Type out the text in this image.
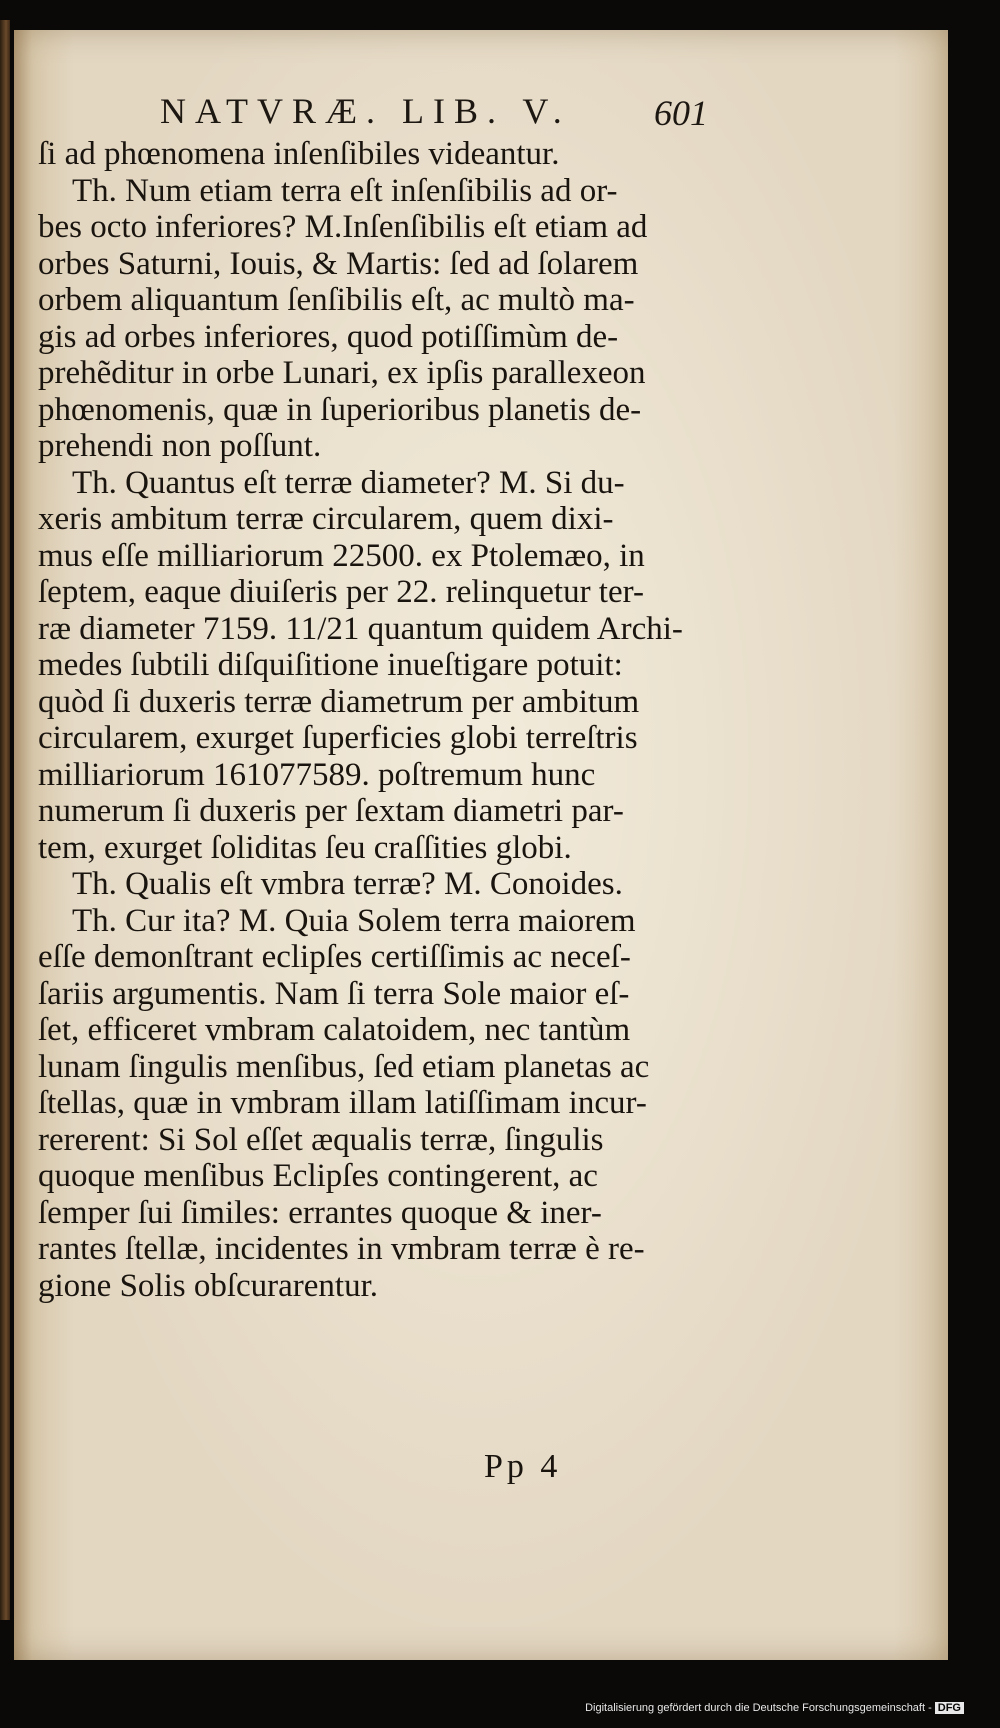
NATVRÆ. LIB. V.	601
ſi ad phœnomena inſenſibiles videantur.
Th. Num etiam terra eſt inſenſibilis ad or-
bes octo inferiores? M.Inſenſibilis eſt etiam ad
orbes Saturni, Iouis, & Martis: ſed ad ſolarem
orbem aliquantum ſenſibilis eſt, ac multò ma-
gis ad orbes inferiores, quod potiſſimùm de-
prehẽditur in orbe Lunari, ex ipſis parallexeon
phœnomenis, quæ in ſuperioribus planetis de-
prehendi non poſſunt.
Th. Quantus eſt terræ diameter? M. Si du-
xeris ambitum terræ circularem, quem dixi-
mus eſſe milliariorum 22500. ex Ptolemæo, in
ſeptem, eaque diuiſeris per 22. relinquetur ter-
ræ diameter 7159. 11/21 quantum quidem Archi-
medes ſubtili diſquiſitione inueſtigare potuit:
quòd ſi duxeris terræ diametrum per ambitum
circularem, exurget ſuperficies globi terreſtris
milliariorum 161077589. poſtremum hunc
numerum ſi duxeris per ſextam diametri par-
tem, exurget ſoliditas ſeu craſſities globi.
Th. Qualis eſt vmbra terræ? M. Conoides.
Th. Cur ita? M. Quia Solem terra maiorem
eſſe demonſtrant eclipſes certiſſimis ac neceſ-
ſariis argumentis. Nam ſi terra Sole maior eſ-
ſet, efficeret vmbram calatoidem, nec tantùm
lunam ſingulis menſibus, ſed etiam planetas ac
ſtellas, quæ in vmbram illam latiſſimam incur-
rererent: Si Sol eſſet æqualis terræ, ſingulis
quoque menſibus Eclipſes contingerent, ac
ſemper ſui ſimiles: errantes quoque & iner-
rantes ſtellæ, incidentes in vmbram terræ è re-
gione Solis obſcurarentur.
Pp 4
Digitalisierung gefördert durch die Deutsche Forschungsgemeinschaft - DFG
